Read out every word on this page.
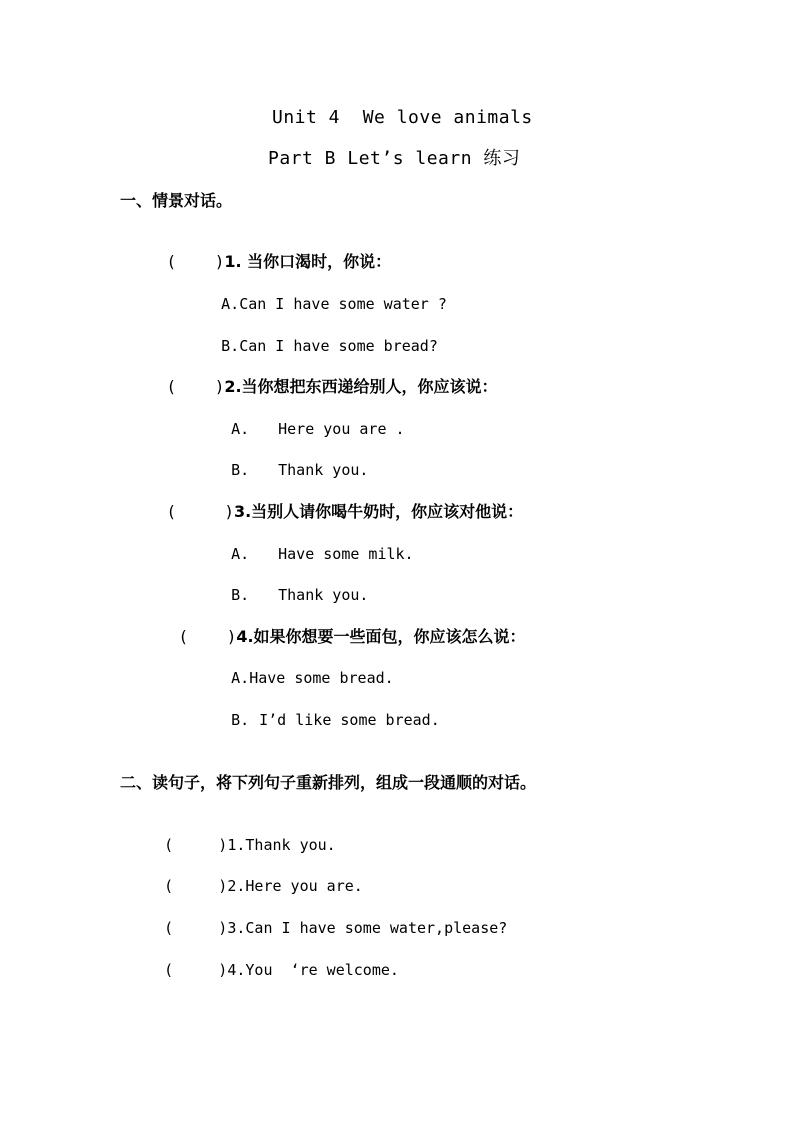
Unit 4  We love animals
Part B Let’s learn 练习
一、情景对话。

(    )1. 当你口渴时，你说：

A.Can I have some water ?

B.Can I have some bread?

(    )2.当你想把东西递给别人，你应该说：

A. Here you are .

B. Thank you.

(     )3.当别人请你喝牛奶时，你应该对他说：

A. Have some milk.

B. Thank you.

(    )4.如果你想要一些面包，你应该怎么说：

A.Have some bread.

B. I’d like some bread.

二、读句子，将下列句子重新排列，组成一段通顺的对话。

(     )1.Thank you.

(     )2.Here you are.

(     )3.Can I have some water,please?

(     )4.You  ‘re welcome.
